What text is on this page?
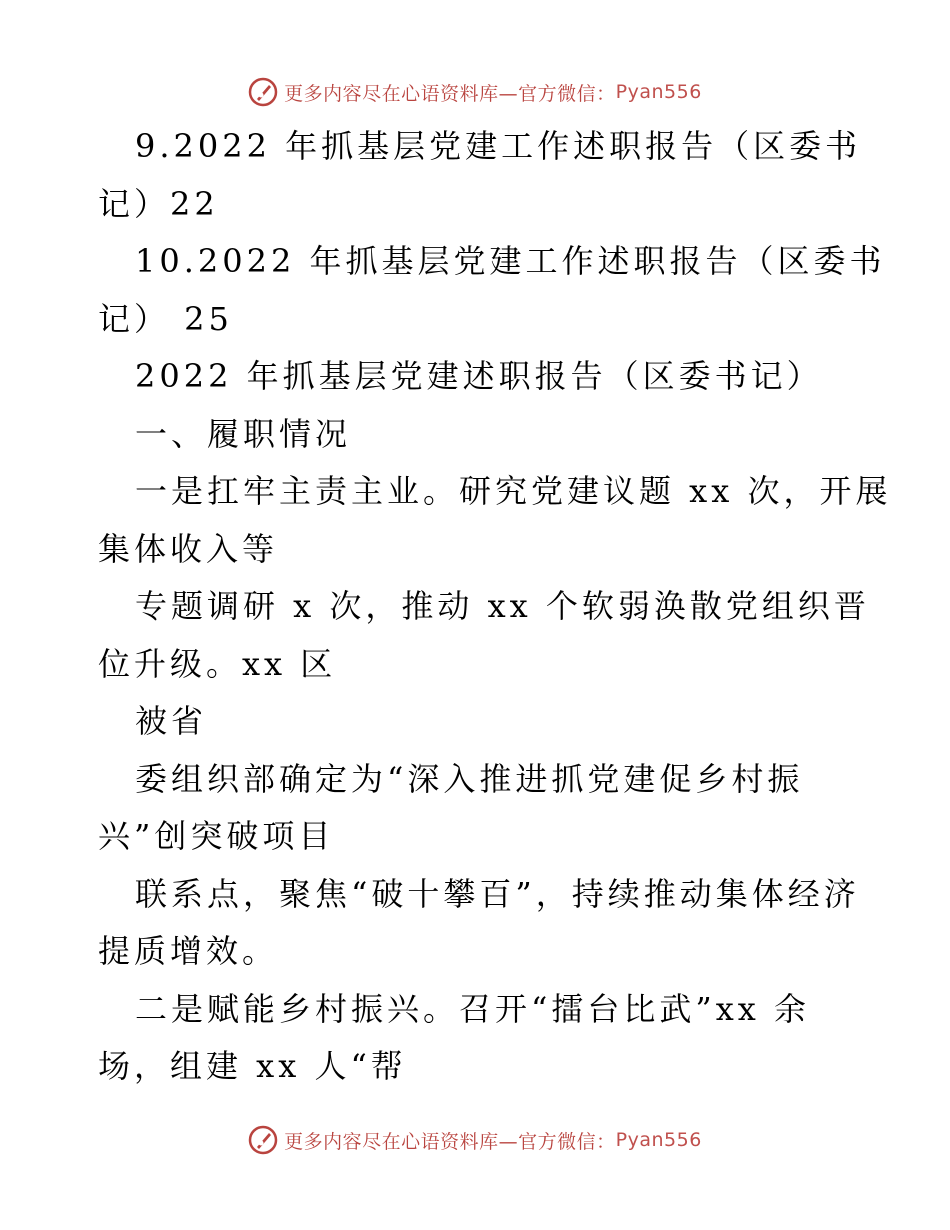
更多内容尽在心语资料库—官方微信： Pyan556
9.2022 年抓基层党建工作述职报告（区委书
记）22
10.2022 年抓基层党建工作述职报告（区委书
记） 25
2022 年抓基层党建述职报告（区委书记）
一、履职情况
一是扛牢主责主业。研究党建议题 xx 次，开展
集体收入等
专题调研 x 次，推动 xx 个软弱涣散党组织晋
位升级。xx 区
被省
委组织部确定为“深入推进抓党建促乡村振
兴”创突破项目
联系点，聚焦“破十攀百”，持续推动集体经济
提质增效。
二是赋能乡村振兴。召开“擂台比武”xx 余
场，组建 xx 人“帮
更多内容尽在心语资料库—官方微信： Pyan556
